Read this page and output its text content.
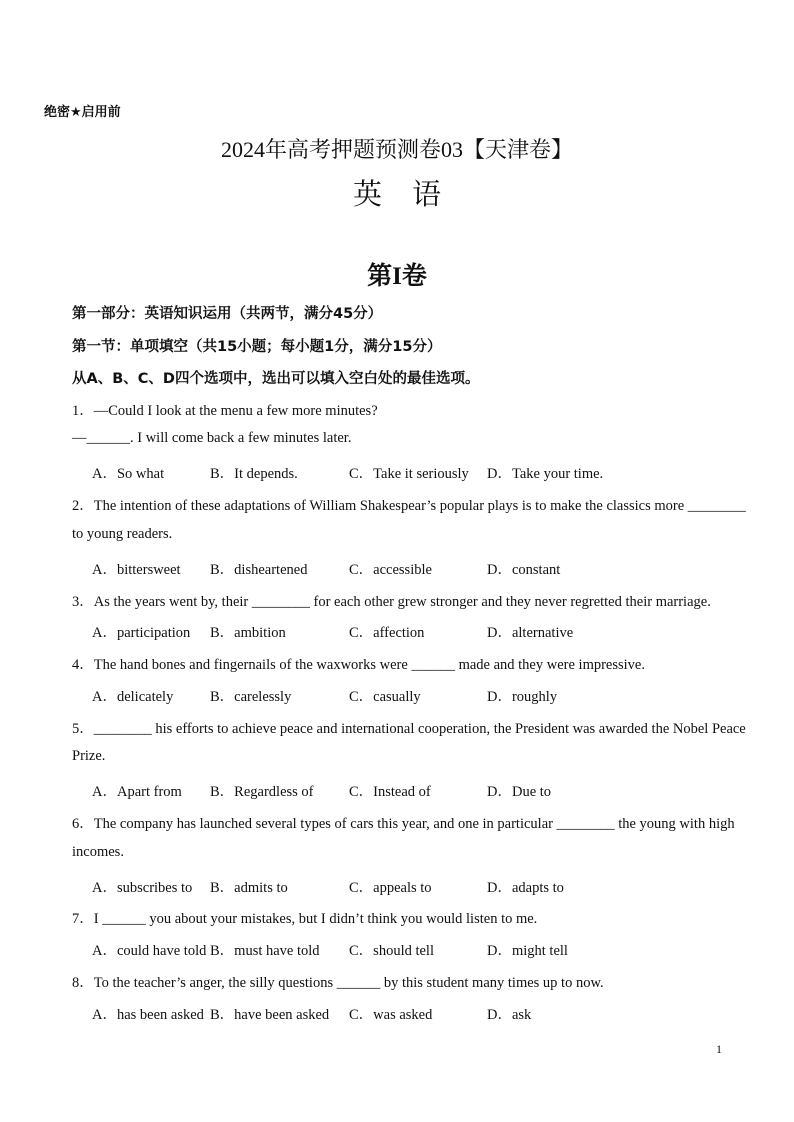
绝密★启用前
2024年高考押题预测卷03【天津卷】
英语
第I卷
第一部分：英语知识运用（共两节，满分45分）
第一节：单项填空（共15小题；每小题1分，满分15分）
从A、B、C、D四个选项中，选出可以填入空白处的最佳选项。
1．—Could I look at the menu a few more minutes?
—______. I will come back a few minutes later.
A．So what	B．It depends.	C．Take it seriously D．Take your time.
2．The intention of these adaptations of William Shakespear’s popular plays is to make the classics more ________
to young readers.
A．bittersweet B．disheartened	C．accessible	D．constant
3．As the years went by, their ________ for each other grew stronger and they never regretted their marriage.
A．participation B．ambition	C．affection	D．alternative
4．The hand bones and fingernails of the waxworks were ______ made and they were impressive.
A．delicately	B．carelessly	C．casually	D．roughly
5．________ his efforts to achieve peace and international cooperation, the President was awarded the Nobel Peace
Prize.
A．Apart from B．Regardless of C．Instead of	D．Due to
6．The company has launched several types of cars this year, and one in particular ________ the young with high
incomes.
A．subscribes to B．admits to	C．appeals to	D．adapts to
7．I ______ you about your mistakes, but I didn’t think you would listen to me.
A．could have told B．must have told C．should tell	D．might tell
8．To the teacher’s anger, the silly questions ______ by this student many times up to now.
A．has been asked B．have been asked C．was asked	D．ask
1
